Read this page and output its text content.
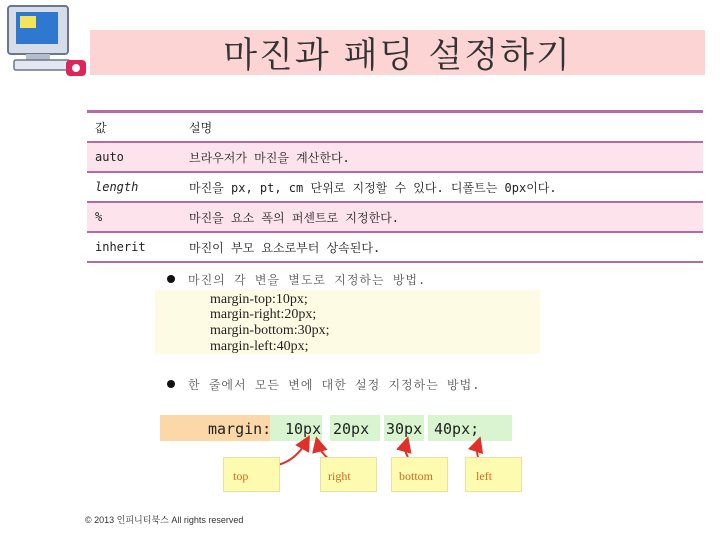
마진과 패딩 설정하기
값	설명
auto	브라우저가 마진을 계산한다.
length	마진을 px, pt, cm 단위로 지정할 수 있다. 디폴트는 0px이다.
%	마진을 요소 폭의 퍼센트로 지정한다.
inherit	마진이 부모 요소로부터 상속된다.
마진의 각 변을 별도로 지정하는 방법.
margin-top:10px;
margin-right:20px;
margin-bottom:30px;
margin-left:40px;
한 줄에서 모든 변에 대한 설정 지정하는 방법.
margin: 10px 20px 30px 40px;
top	right	bottom	left
© 2013 인피니티북스 All rights reserved
